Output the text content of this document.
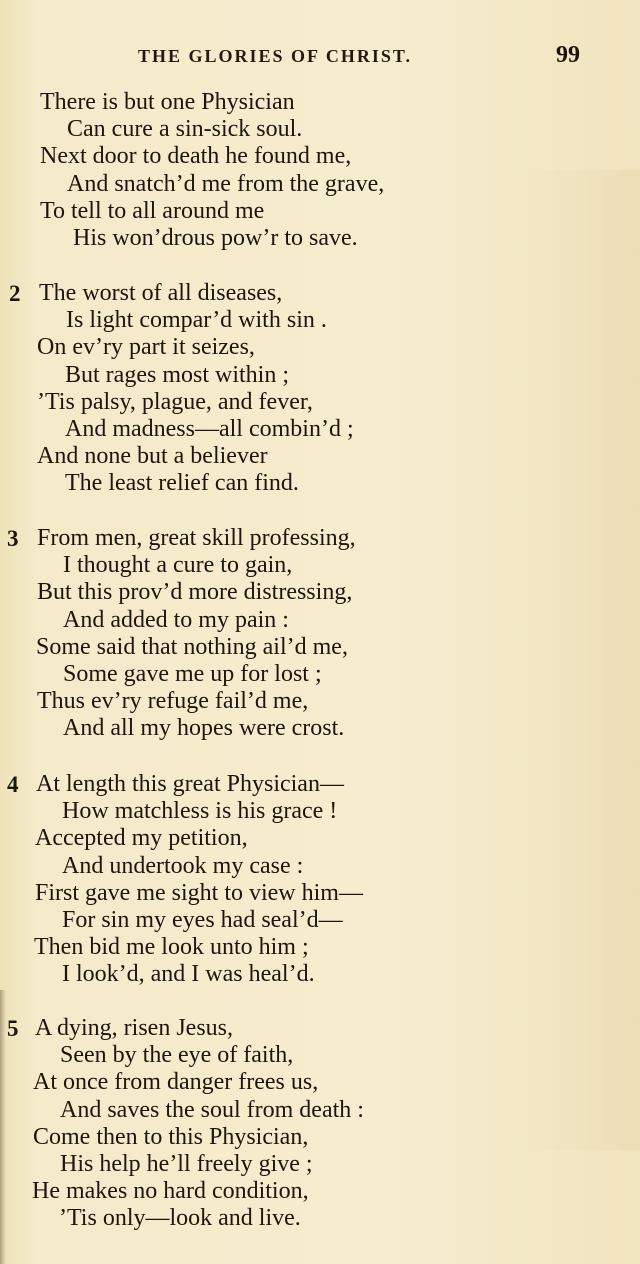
THE GLORIES OF CHRIST.	99
There is but one Physician
Can cure a sin-sick soul.
Next door to death he found me,
And snatch’d me from the grave,
To tell to all around me
His won’drous pow’r to save.
2 The worst of all diseases,
Is light compar’d with sin .
On ev’ry part it seizes,
But rages most within ;
’Tis palsy, plague, and fever,
And madness—all combin’d ;
And none but a believer
The least relief can find.
3 From men, great skill professing,
I thought a cure to gain,
But this prov’d more distressing,
And added to my pain :
Some said that nothing ail’d me,
Some gave me up for lost ;
Thus ev’ry refuge fail’d me,
And all my hopes were crost.
4 At length this great Physician—
How matchless is his grace !
Accepted my petition,
And undertook my case :
First gave me sight to view him—
For sin my eyes had seal’d—
Then bid me look unto him ;
I look’d, and I was heal’d.
5 A dying, risen Jesus,
Seen by the eye of faith,
At once from danger frees us,
And saves the soul from death :
Come then to this Physician,
His help he’ll freely give ;
He makes no hard condition,
’Tis only—look and live.
